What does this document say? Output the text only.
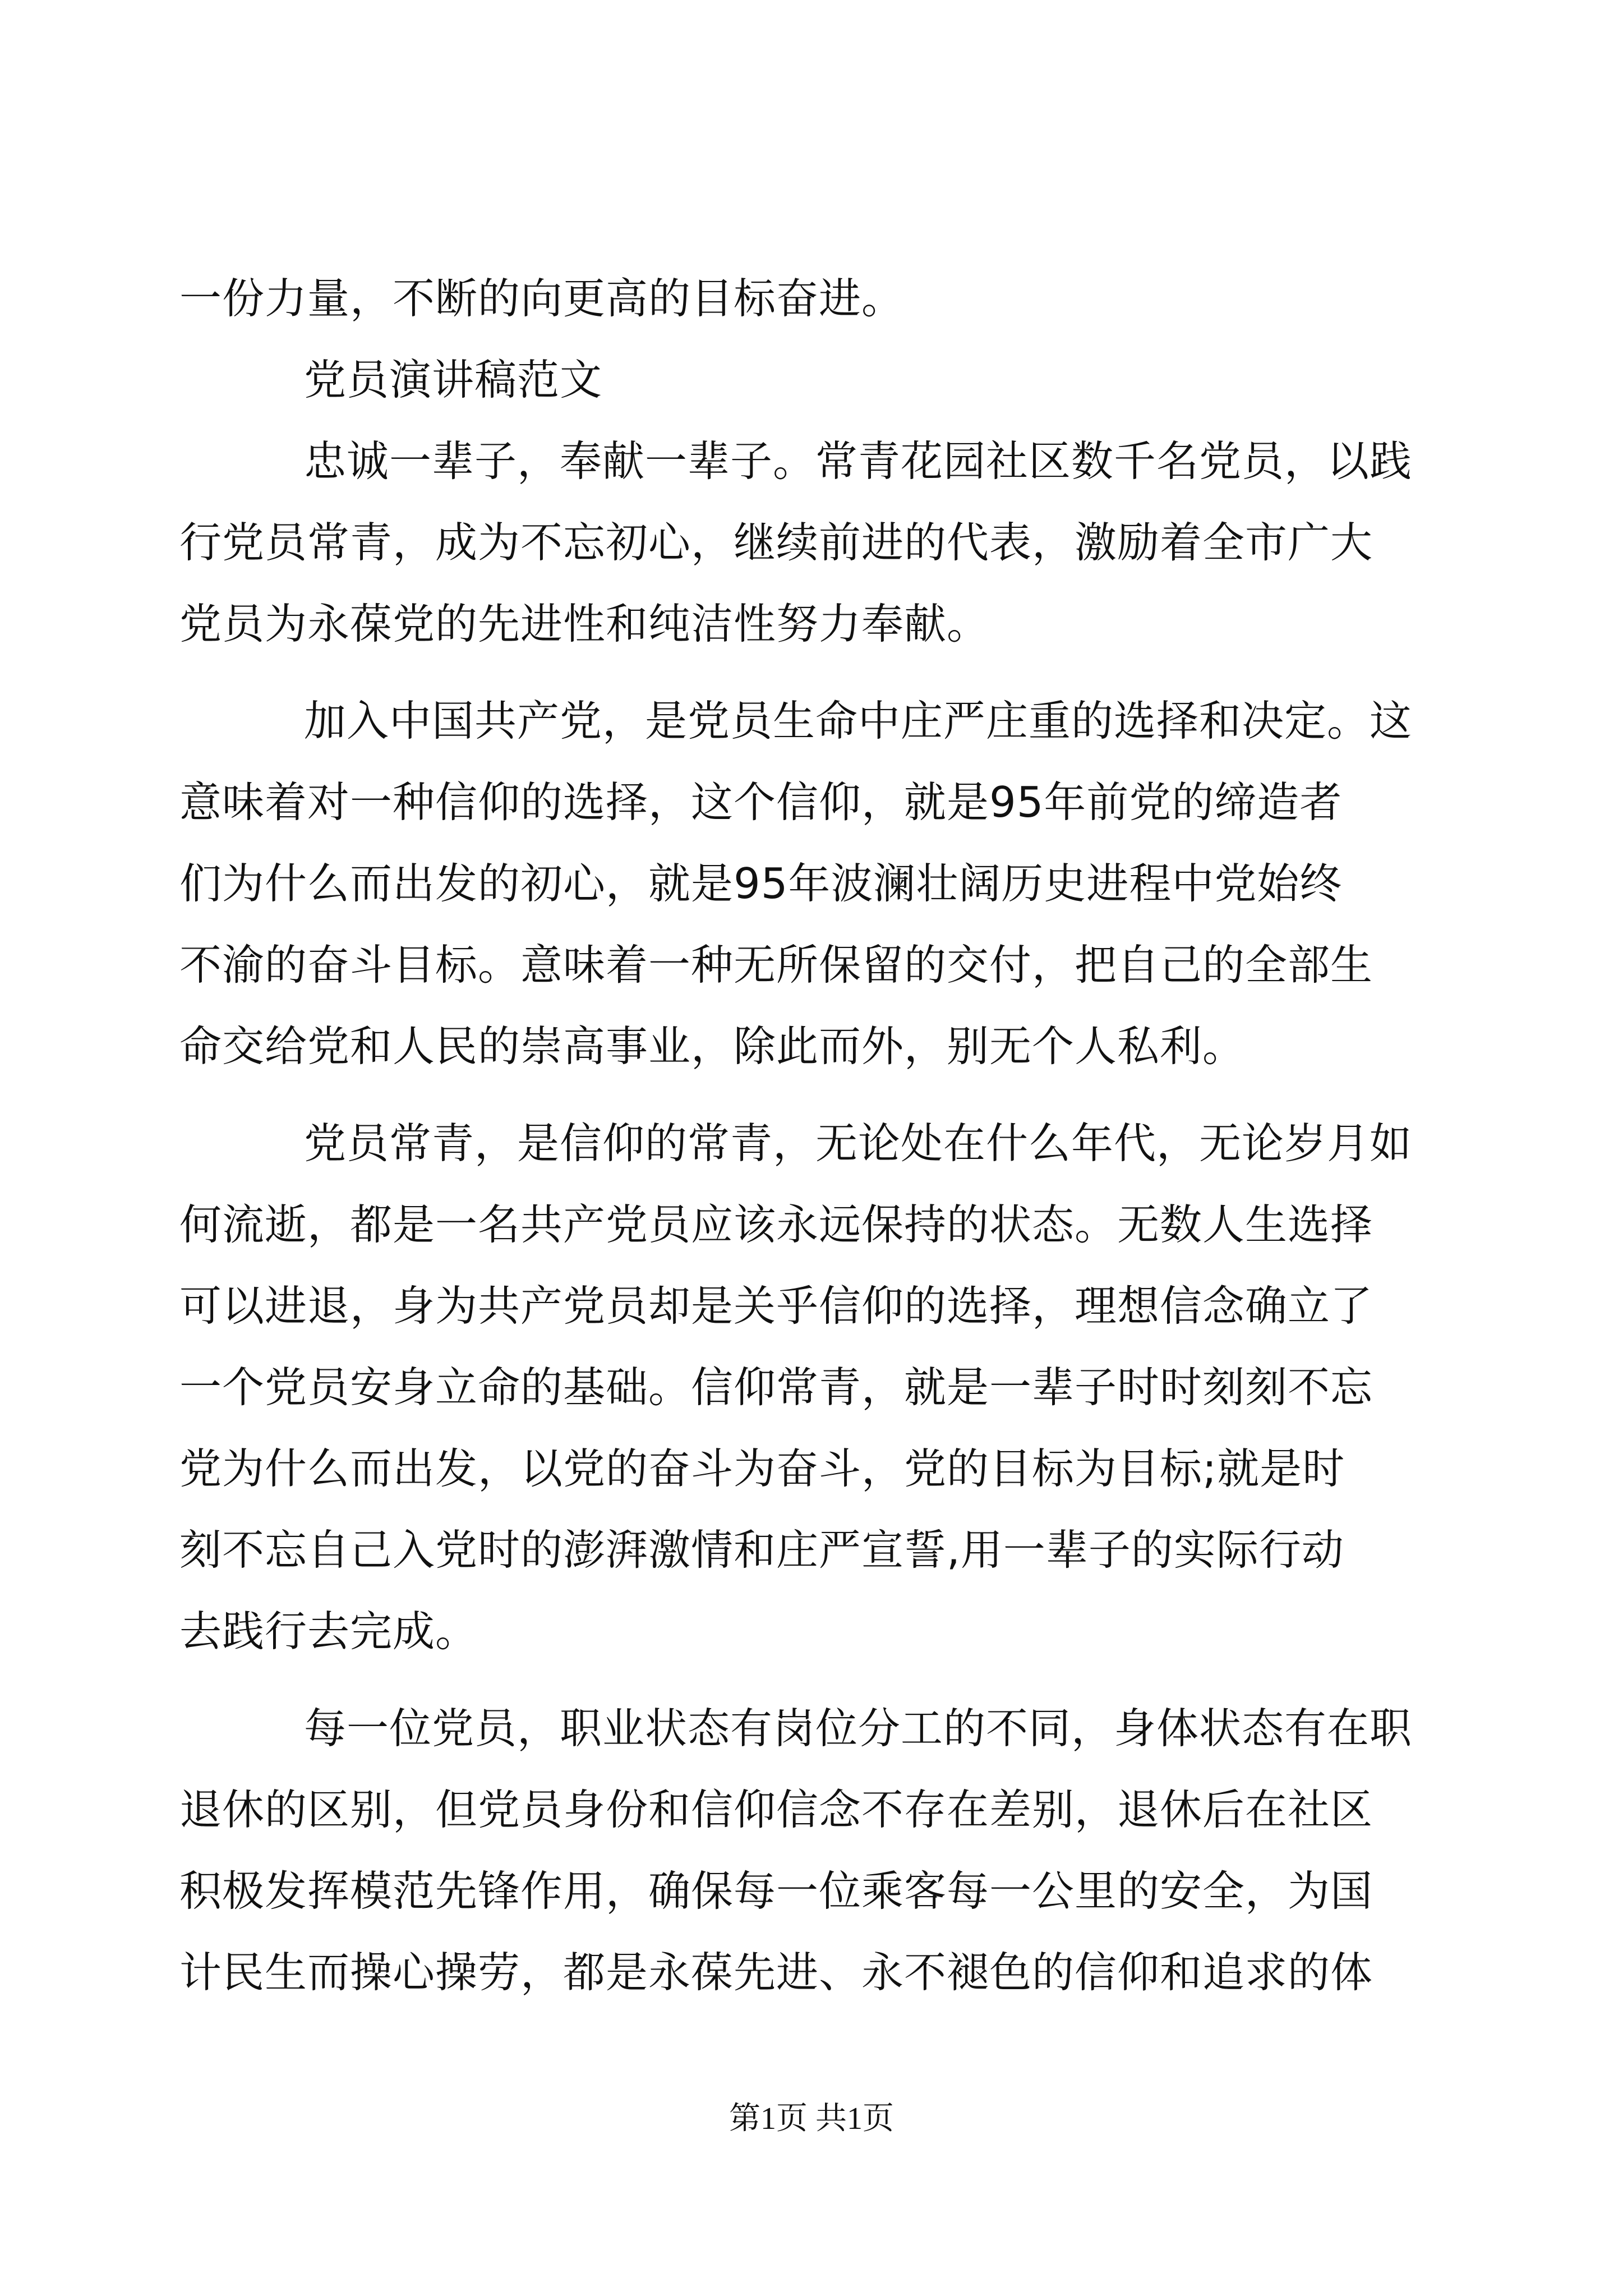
一份力量，不断的向更高的目标奋进。
党员演讲稿范文
忠诚一辈子，奉献一辈子。常青花园社区数千名党员，以践
行党员常青，成为不忘初心，继续前进的代表，激励着全市广大
党员为永葆党的先进性和纯洁性努力奉献。
加入中国共产党，是党员生命中庄严庄重的选择和决定。这
意味着对一种信仰的选择，这个信仰，就是95年前党的缔造者
们为什么而出发的初心，就是95年波澜壮阔历史进程中党始终
不渝的奋斗目标。意味着一种无所保留的交付，把自己的全部生
命交给党和人民的崇高事业，除此而外，别无个人私利。
党员常青，是信仰的常青，无论处在什么年代，无论岁月如
何流逝，都是一名共产党员应该永远保持的状态。无数人生选择
可以进退，身为共产党员却是关乎信仰的选择，理想信念确立了
一个党员安身立命的基础。信仰常青，就是一辈子时时刻刻不忘
党为什么而出发，以党的奋斗为奋斗，党的目标为目标;就是时
刻不忘自己入党时的澎湃激情和庄严宣誓,用一辈子的实际行动
去践行去完成。
每一位党员，职业状态有岗位分工的不同，身体状态有在职
退休的区别，但党员身份和信仰信念不存在差别，退休后在社区
积极发挥模范先锋作用，确保每一位乘客每一公里的安全，为国
计民生而操心操劳，都是永葆先进、永不褪色的信仰和追求的体
第1页 共1页
